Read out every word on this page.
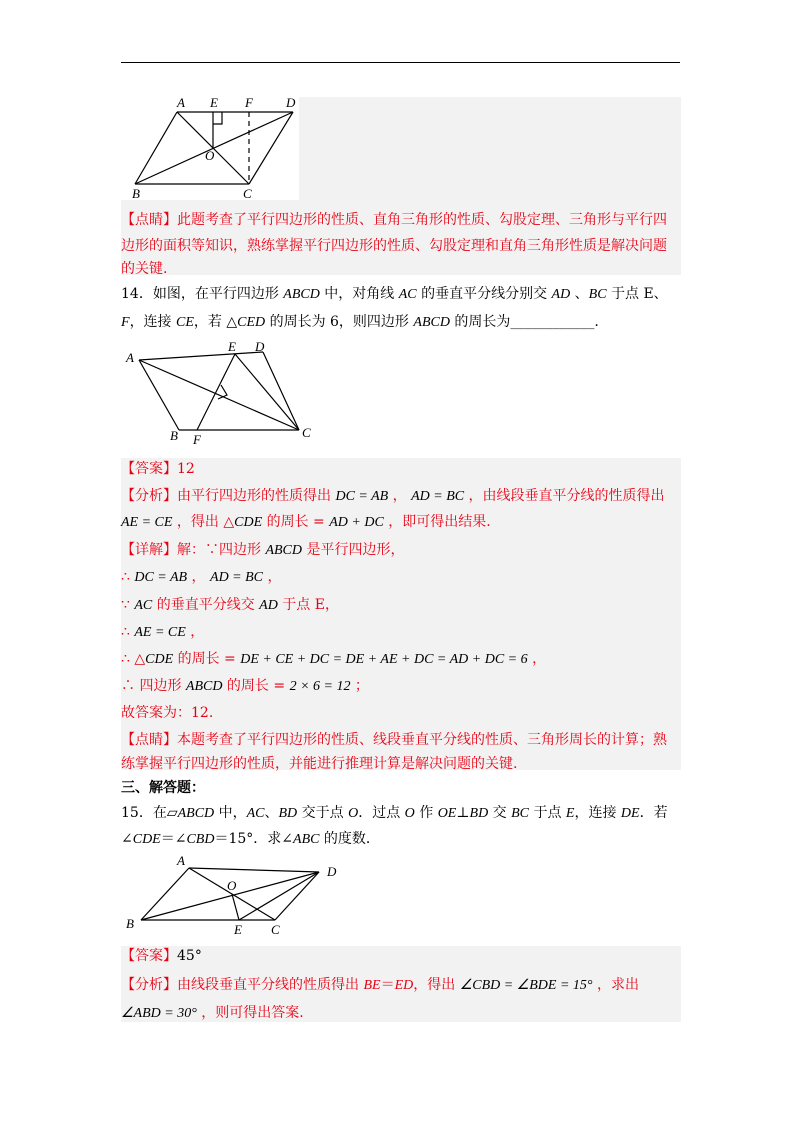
A E F	D
O
B	C
【点睛】此题考查了平行四边形的性质、直角三角形的性质、勾股定理、三角形与平行四
边形的面积等知识，熟练掌握平行四边形的性质、勾股定理和直角三角形性质是解决问题
的关键.
14．如图，在平行四边形 ABCD 中，对角线 AC 的垂直平分线分别交 AD 、BC 于点 E、
F，连接 CE，若 △CED 的周长为 6，则四边形 ABCD 的周长为____________.
A
E D
B F	C
【答案】12
【分析】由平行四边形的性质得出 DC = AB ， AD = BC ，由线段垂直平分线的性质得出
AE = CE ，得出 △CDE 的周长 = AD + DC ，即可得出结果.
【详解】解：∵四边形 ABCD 是平行四边形，
∴ DC = AB ， AD = BC ，
∵ AC 的垂直平分线交 AD 于点 E，
∴ AE = CE ，
∴ △CDE 的周长 = DE + CE + DC = DE + AE + DC = AD + DC = 6 ，
∴ 四边形 ABCD 的周长 = 2 × 6 = 12 ；
故答案为：12.
【点睛】本题考查了平行四边形的性质、线段垂直平分线的性质、三角形周长的计算；熟
练掌握平行四边形的性质，并能进行推理计算是解决问题的关键.
三、解答题：
15．在▱ABCD 中，AC、BD 交于点 O．过点 O 作 OE⊥BD 交 BC 于点 E，连接 DE．若
∠CDE＝∠CBD＝15°．求∠ABC 的度数．
A
O
D
B	E C
【答案】45°
【分析】由线段垂直平分线的性质得出 BE＝ED，得出 ∠CBD = ∠BDE = 15° ，求出
∠ABD = 30° ，则可得出答案.
